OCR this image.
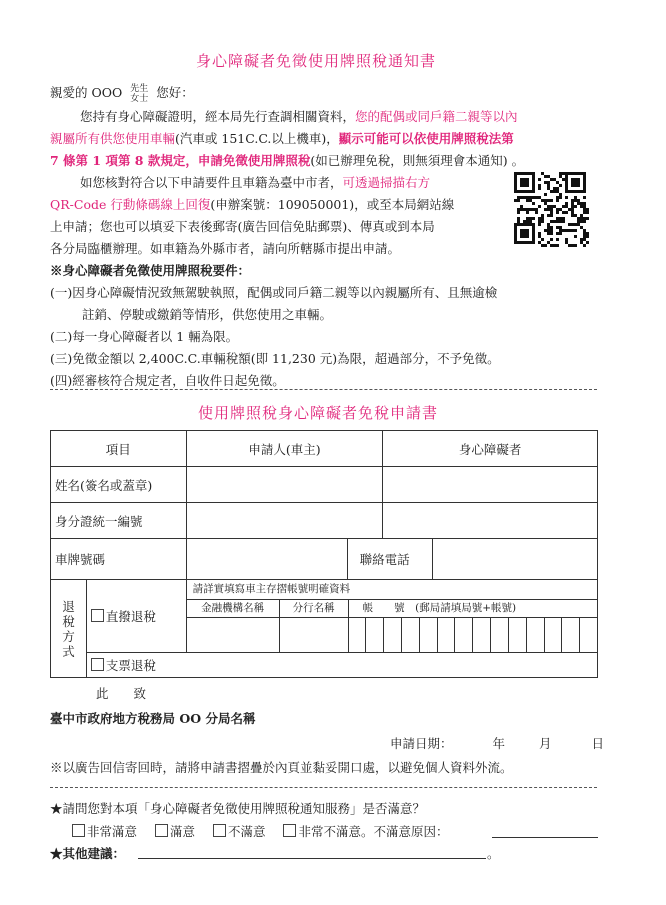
身心障礙者免徵使用牌照稅通知書
親愛的 OOO 先生
女士 您好：
您持有身心障礙證明，經本局先行查調相關資料，您的配偶或同戶籍二親等以內
親屬所有供您使用車輛(汽車或 151C.C.以上機車)，顯示可能可以依使用牌照稅法第
7 條第 1 項第 8 款規定，申請免徵使用牌照稅(如已辦理免稅，則無須理會本通知) 。
如您核對符合以下申請要件且車籍為臺中市者，可透過掃描右方
QR-Code 行動條碼線上回復(申辦案號：109050001)，或至本局網站線
上申請；您也可以填妥下表後郵寄(廣告回信免貼郵票)、傳真或到本局
各分局臨櫃辦理。如車籍為外縣市者，請向所轄縣市提出申請。
※身心障礙者免徵使用牌照稅要件：
(一)因身心障礙情況致無駕駛執照，配偶或同戶籍二親等以內親屬所有、且無逾檢
註銷、停駛或繳銷等情形，供您使用之車輛。
(二)每一身心障礙者以 1 輛為限。
(三)免徵金額以 2,400C.C.車輛稅額(即 11,230 元)為限，超過部分，不予免徵。
(四)經審核符合規定者，自收件日起免徵。
使用牌照稅身心障礙者免稅申請書
項目		申請人(車主)	身心障礙者
姓名(簽名或蓋章)			
身分證統一編號			
車牌號碼		聯絡電話	

退稅方式	直撥退稅	請詳實填寫車主存摺帳號明確資料
金融機構名稱 分行名稱 帳　　號　(郵局請填局號+帳號)	

	支票退稅		
此　　致
臺中市政府地方稅務局 OO 分局名稱
申請日期：	年	月	日
※以廣告回信寄回時，請將申請書摺疊於內頁並黏妥開口處，以避免個人資料外流。
★請問您對本項「身心障礙者免徵使用牌照稅通知服務」是否滿意？
非常滿意	滿意	不滿意	非常不滿意。不滿意原因：
★其他建議：	。
